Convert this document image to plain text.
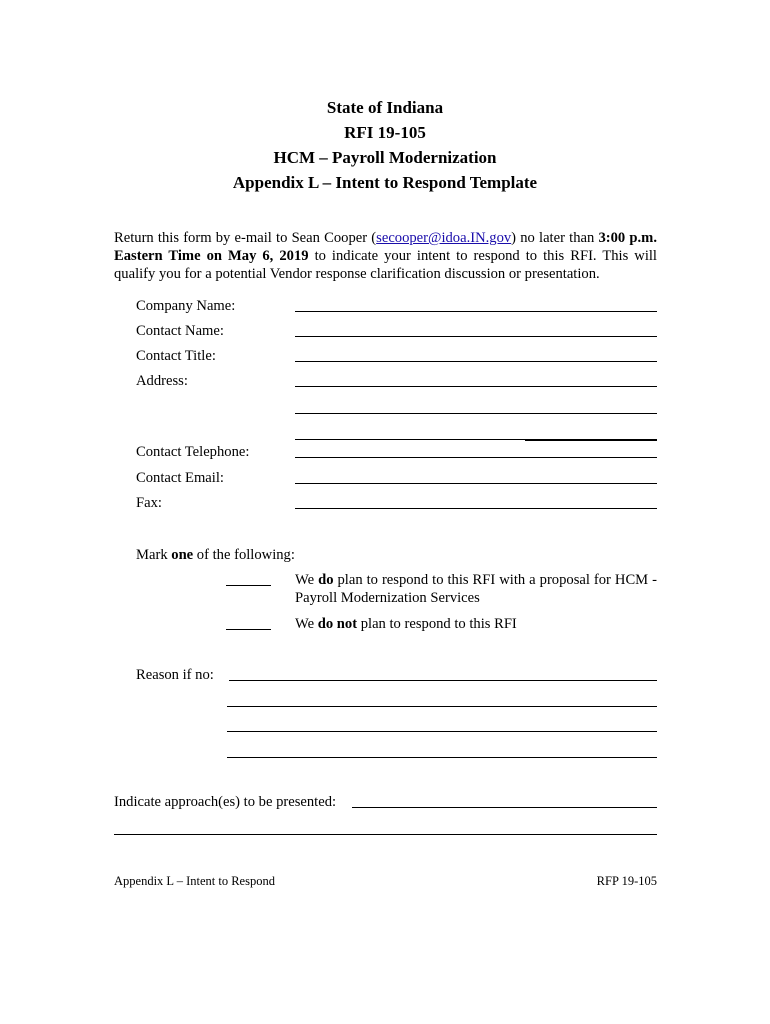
State of Indiana
RFI 19-105
HCM – Payroll Modernization
Appendix L – Intent to Respond Template
Return this form by e-mail to Sean Cooper (secooper@idoa.IN.gov) no later than 3:00 p.m. Eastern Time on May 6, 2019 to indicate your intent to respond to this RFI. This will qualify you for a potential Vendor response clarification discussion or presentation.
Company Name:
Contact Name:
Contact Title:
Address:
Contact Telephone:
Contact Email:
Fax:
Mark one of the following:
We do plan to respond to this RFI with a proposal for HCM - Payroll Modernization Services
We do not plan to respond to this RFI
Reason if no:
Indicate approach(es) to be presented:
Appendix L – Intent to Respond	RFP 19-105
